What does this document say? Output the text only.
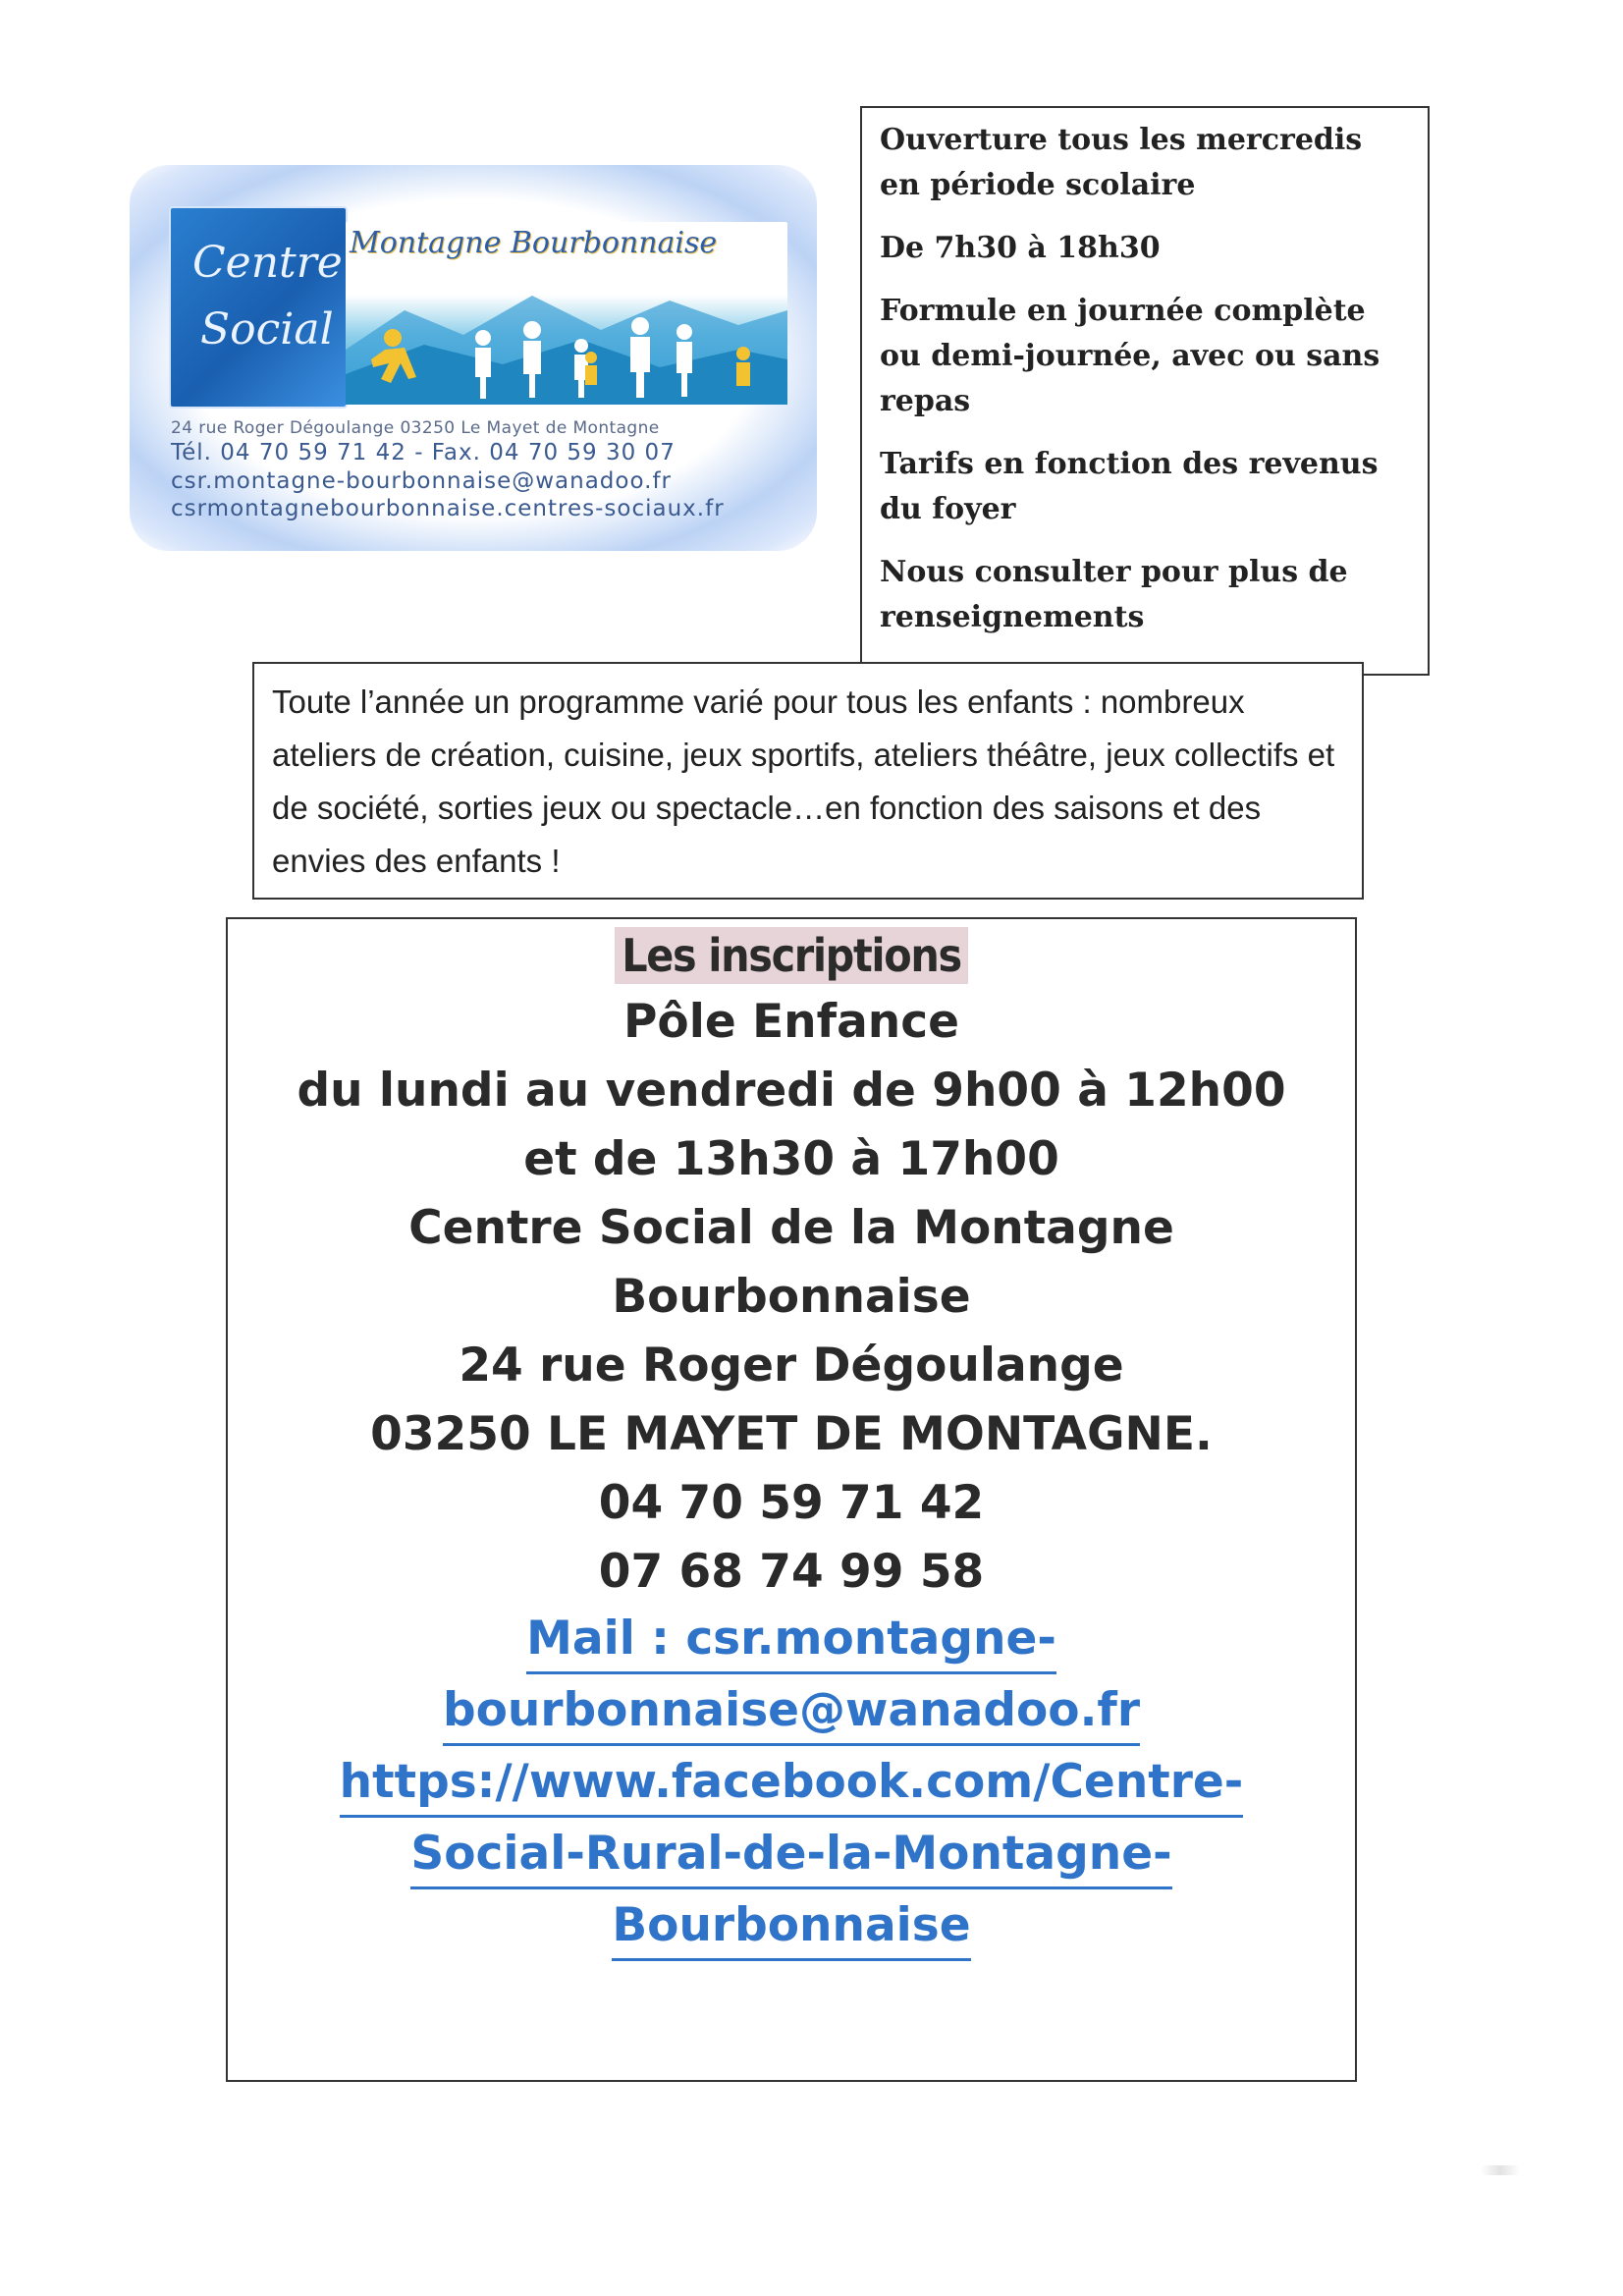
Centre
Social
Montagne Bourbonnaise
24 rue Roger Dégoulange 03250 Le Mayet de Montagne
Tél. 04 70 59 71 42 - Fax. 04 70 59 30 07
csr.montagne-bourbonnaise@wanadoo.fr
csrmontagnebourbonnaise.centres-sociaux.fr

Ouverture tous les mercredis en période scolaire

De 7h30 à 18h30

Formule en journée complète ou demi-journée, avec ou sans repas

Tarifs en fonction des revenus du foyer

Nous consulter pour plus de renseignements

Toute l’année un programme varié pour tous les enfants : nombreux ateliers de création, cuisine, jeux sportifs, ateliers théâtre, jeux collectifs et de société, sorties jeux ou spectacle…en fonction des saisons et des envies des enfants !
Les inscriptions
Pôle Enfance
du lundi au vendredi de 9h00 à 12h00
et de 13h30 à 17h00
Centre Social de la Montagne
Bourbonnaise
24 rue Roger Dégoulange
03250 LE MAYET DE MONTAGNE.
04 70 59 71 42
07 68 74 99 58
Mail : csr.montagne-
bourbonnaise@wanadoo.fr
https://www.facebook.com/Centre-
Social-Rural-de-la-Montagne-
Bourbonnaise
